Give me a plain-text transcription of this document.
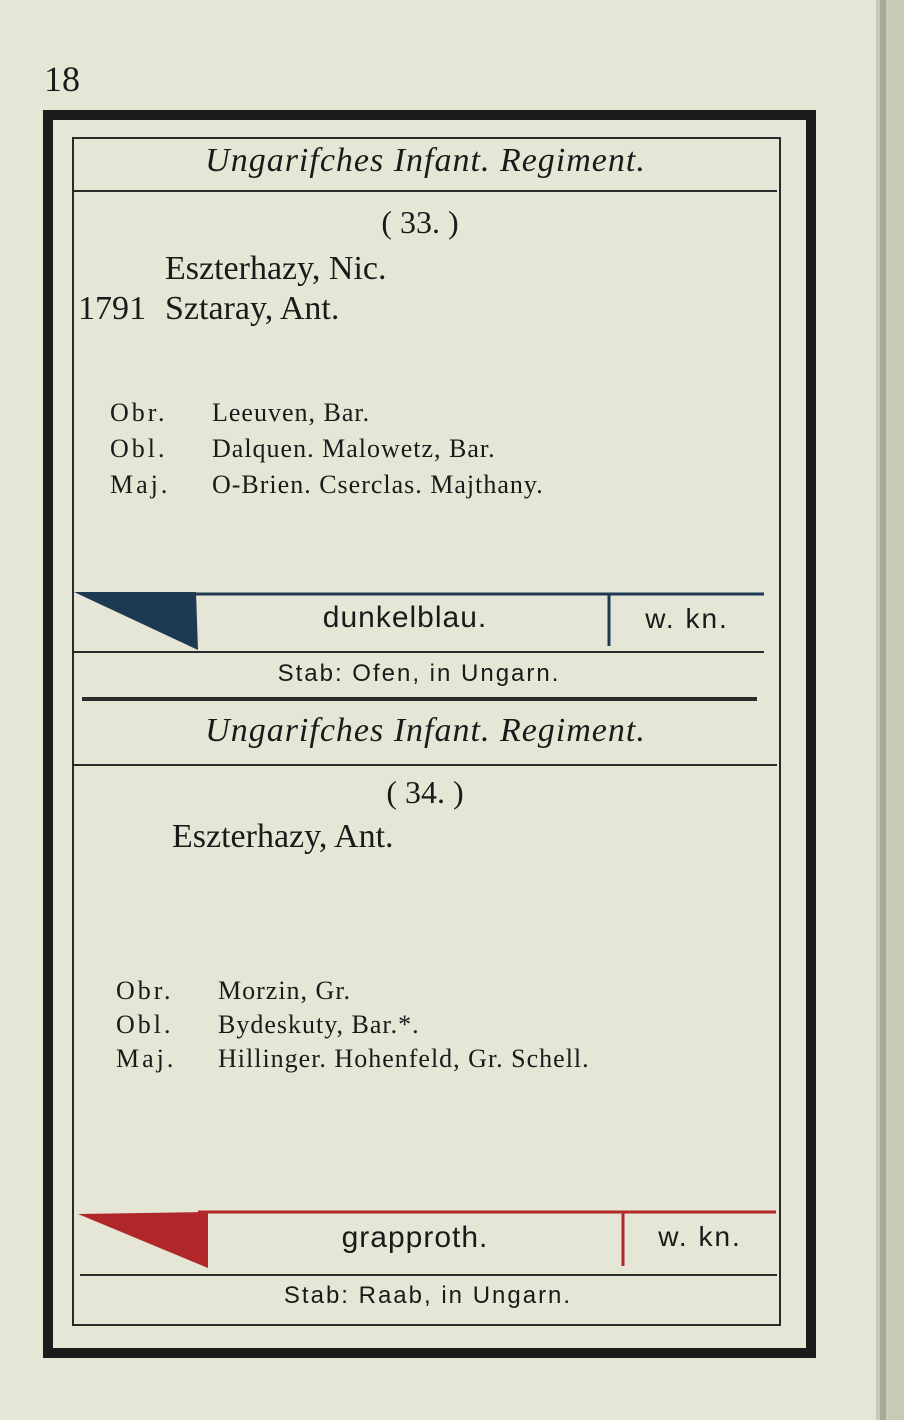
18
Ungarifches Infant. Regiment.
( 33. )
Eszterhazy, Nic.
1791 Sztaray, Ant.
Obr. Leeuven, Bar.
Obl. Dalquen. Malowetz, Bar.
Maj. O-Brien. Cserclas. Majthany.
dunkelblau.	w. kn.
Stab: Ofen, in Ungarn.
Ungarifches Infant. Regiment.
( 34. )
Eszterhazy, Ant.
Obr. Morzin, Gr.
Obl. Bydeskuty, Bar.*.
Maj. Hillinger. Hohenfeld, Gr. Schell.
grapproth.	w. kn.
Stab: Raab, in Ungarn.
